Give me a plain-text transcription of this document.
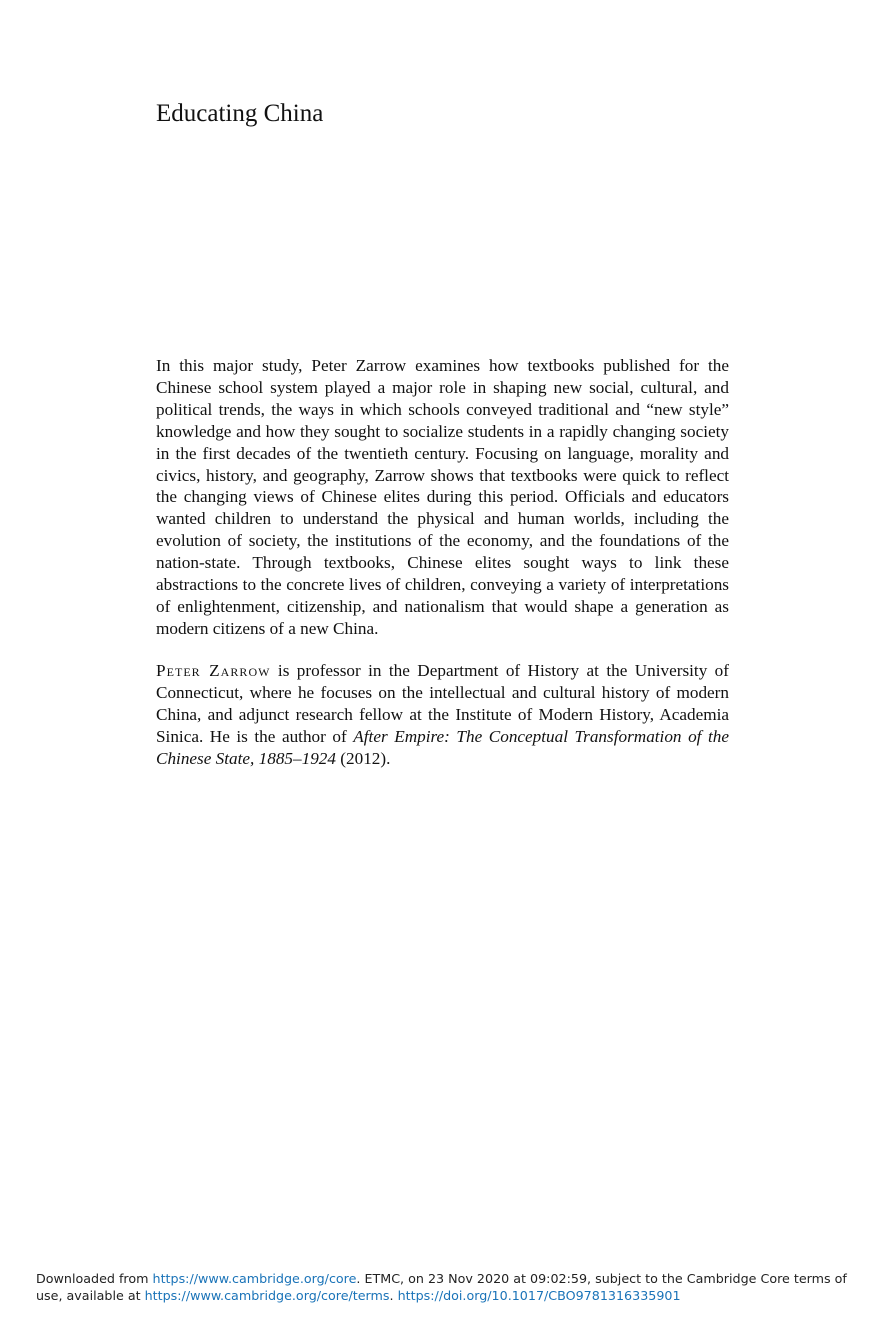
Educating China

In this major study, Peter Zarrow examines how textbooks published for the Chinese school system played a major role in shaping new social, cultural, and political trends, the ways in which schools conveyed traditional and “new style” knowledge and how they sought to socialize students in a rapidly changing society in the first decades of the twentieth century. Focusing on language, morality and civics, history, and geography, Zarrow shows that textbooks were quick to reflect the changing views of Chinese elites during this period. Officials and educators wanted children to understand the physical and human worlds, including the evolution of society, the institutions of the economy, and the foundations of the nation-state. Through textbooks, Chinese elites sought ways to link these abstractions to the concrete lives of children, conveying a variety of interpretations of enlightenment, citizenship, and nationalism that would shape a generation as modern citizens of a new China.

Peter Zarrow is professor in the Department of History at the University of Connecticut, where he focuses on the intellectual and cultural history of modern China, and adjunct research fellow at the Institute of Modern History, Academia Sinica. He is the author of After Empire: The Conceptual Transformation of the Chinese State, 1885–1924 (2012).

Downloaded from https://www.cambridge.org/core. ETMC, on 23 Nov 2020 at 09:02:59, subject to the Cambridge Core terms of use, available at https://www.cambridge.org/core/terms. https://doi.org/10.1017/CBO9781316335901
